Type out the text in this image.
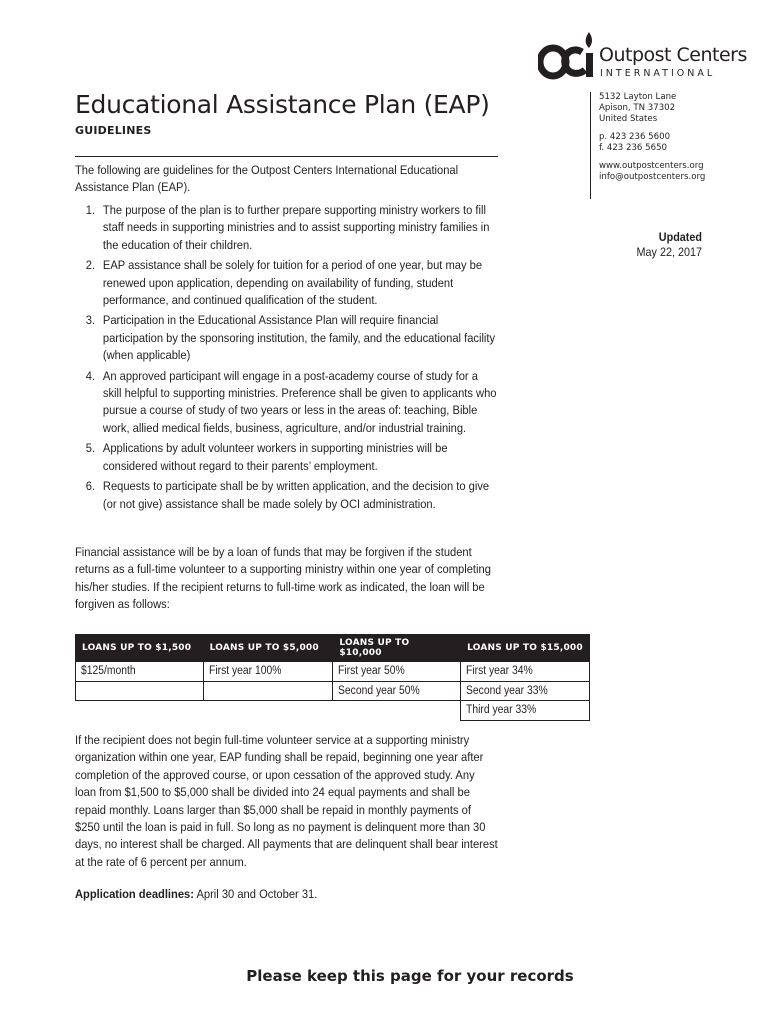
Outpost Centers
INTERNATIONAL
Educational Assistance Plan (EAP)
GUIDELINES
5132 Layton Lane
Apison, TN 37302
United States
p. 423 236 5600
f. 423 236 5650
www.outpostcenters.org
info@outpostcenters.org
Updated
May 22, 2017

The following are guidelines for the Outpost Centers International Educational Assistance Plan (EAP).

1. The purpose of the plan is to further prepare supporting ministry workers to fill staff needs in supporting ministries and to assist supporting ministry families in the education of their children.
2. EAP assistance shall be solely for tuition for a period of one year, but may be renewed upon application, depending on availability of funding, student performance, and continued qualification of the student.
3. Participation in the Educational Assistance Plan will require financial participation by the sponsoring institution, the family, and the educational facility (when applicable)
4. An approved participant will engage in a post-academy course of study for a skill helpful to supporting ministries. Preference shall be given to applicants who pursue a course of study of two years or less in the areas of: teaching, Bible work, allied medical fields, business, agriculture, and/or industrial training.
5. Applications by adult volunteer workers in supporting ministries will be considered without regard to their parents’ employment.
6. Requests to participate shall be by written application, and the decision to give (or not give) assistance shall be made solely by OCI administration.

Financial assistance will be by a loan of funds that may be forgiven if the student returns as a full-time volunteer to a supporting ministry within one year of completing his/her studies. If the recipient returns to full-time work as indicated, the loan will be forgiven as follows:

LOANS UP TO $1,500	LOANS UP TO $5,000	LOANS UP TO $10,000	LOANS UP TO $15,000
$125/month	First year 100%	First year 50%	First year 34%
		Second year 50%	Second year 33%
			Third year 33%

If the recipient does not begin full-time volunteer service at a supporting ministry organization within one year, EAP funding shall be repaid, beginning one year after completion of the approved course, or upon cessation of the approved study. Any loan from $1,500 to $5,000 shall be divided into 24 equal payments and shall be repaid monthly. Loans larger than $5,000 shall be repaid in monthly payments of $250 until the loan is paid in full. So long as no payment is delinquent more than 30 days, no interest shall be charged. All payments that are delinquent shall bear interest at the rate of 6 percent per annum.

Application deadlines: April 30 and October 31.

Please keep this page for your records
